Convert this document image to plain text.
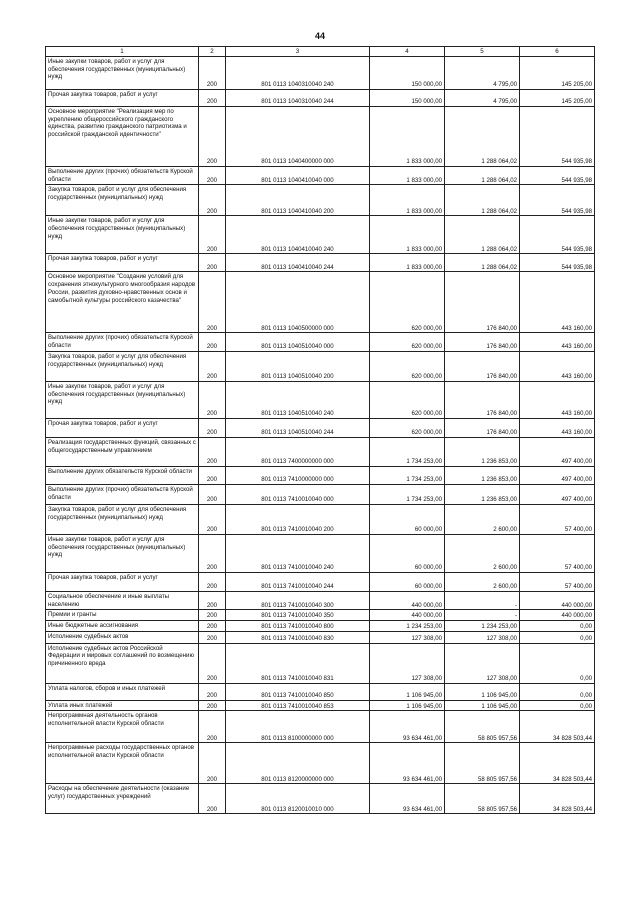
44
1	2	3	4	5	6
Иные закупки товаров, работ и услуг для обеспечения государственных (муниципальных) нужд	200	801 0113 1040310040 240	150 000,00	4 795,00	145 205,00
Прочая закупка товаров, работ и услуг	200	801 0113 1040310040 244	150 000,00	4 795,00	145 205,00
Основное мероприятие "Реализация мер по укреплению общероссийского гражданского единства, развитию гражданского патриотизма и российской гражданской идентичности"	200	801 0113 1040400000 000	1 833 000,00	1 288 064,02	544 935,98
Выполнение других (прочих) обязательств Курской области	200	801 0113 1040410040 000	1 833 000,00	1 288 064,02	544 935,98
Закупка товаров, работ и услуг для обеспечения государственных (муниципальных) нужд	200	801 0113 1040410040 200	1 833 000,00	1 288 064,02	544 935,98
Иные закупки товаров, работ и услуг для обеспечения государственных (муниципальных) нужд	200	801 0113 1040410040 240	1 833 000,00	1 288 064,02	544 935,98
Прочая закупка товаров, работ и услуг	200	801 0113 1040410040 244	1 833 000,00	1 288 064,02	544 935,98
Основное мероприятие "Создание условий для сохранения этнокультурного многообразия народов России, развития духовно-нравственных основ и самобытной культуры российского казачества"	200	801 0113 1040500000 000	620 000,00	176 840,00	443 160,00
Выполнение других (прочих) обязательств Курской области	200	801 0113 1040510040 000	620 000,00	176 840,00	443 160,00
Закупка товаров, работ и услуг для обеспечения государственных (муниципальных) нужд	200	801 0113 1040510040 200	620 000,00	176 840,00	443 160,00
Иные закупки товаров, работ и услуг для обеспечения государственных (муниципальных) нужд	200	801 0113 1040510040 240	620 000,00	176 840,00	443 160,00
Прочая закупка товаров, работ и услуг	200	801 0113 1040510040 244	620 000,00	176 840,00	443 160,00
Реализация государственных функций, связанных с общегосударственным управлением	200	801 0113 7400000000 000	1 734 253,00	1 236 853,00	497 400,00
Выполнение других обязательств Курской области	200	801 0113 7410000000 000	1 734 253,00	1 236 853,00	497 400,00
Выполнение других (прочих) обязательств Курской области	200	801 0113 7410010040 000	1 734 253,00	1 236 853,00	497 400,00
Закупка товаров, работ и услуг для обеспечения государственных (муниципальных) нужд	200	801 0113 7410010040 200	60 000,00	2 600,00	57 400,00
Иные закупки товаров, работ и услуг для обеспечения государственных (муниципальных) нужд	200	801 0113 7410010040 240	60 000,00	2 600,00	57 400,00
Прочая закупка товаров, работ и услуг	200	801 0113 7410010040 244	60 000,00	2 600,00	57 400,00
Социальное обеспечение и иные выплаты населению	200	801 0113 7410010040 300	440 000,00	-	440 000,00
Премии и гранты	200	801 0113 7410010040 350	440 000,00	-	440 000,00
Иные бюджетные ассигнования	200	801 0113 7410010040 800	1 234 253,00	1 234 253,00	0,00
Исполнение судебных актов	200	801 0113 7410010040 830	127 308,00	127 308,00	0,00
Исполнение судебных актов Российской Федерации и мировых соглашений по возмещению причиненного вреда	200	801 0113 7410010040 831	127 308,00	127 308,00	0,00
Уплата налогов, сборов и иных платежей	200	801 0113 7410010040 850	1 106 945,00	1 106 945,00	0,00
Уплата иных платежей	200	801 0113 7410010040 853	1 106 945,00	1 106 945,00	0,00
Непрограммная деятельность органов исполнительной власти Курской области	200	801 0113 8100000000 000	93 634 461,00	58 805 957,56	34 828 503,44
Непрограммные расходы государственных органов исполнительной власти Курской области	200	801 0113 8120000000 000	93 634 461,00	58 805 957,56	34 828 503,44
Расходы на обеспечение деятельности (оказание услуг) государственных учреждений	200	801 0113 8120010010 000	93 634 461,00	58 805 957,56	34 828 503,44
